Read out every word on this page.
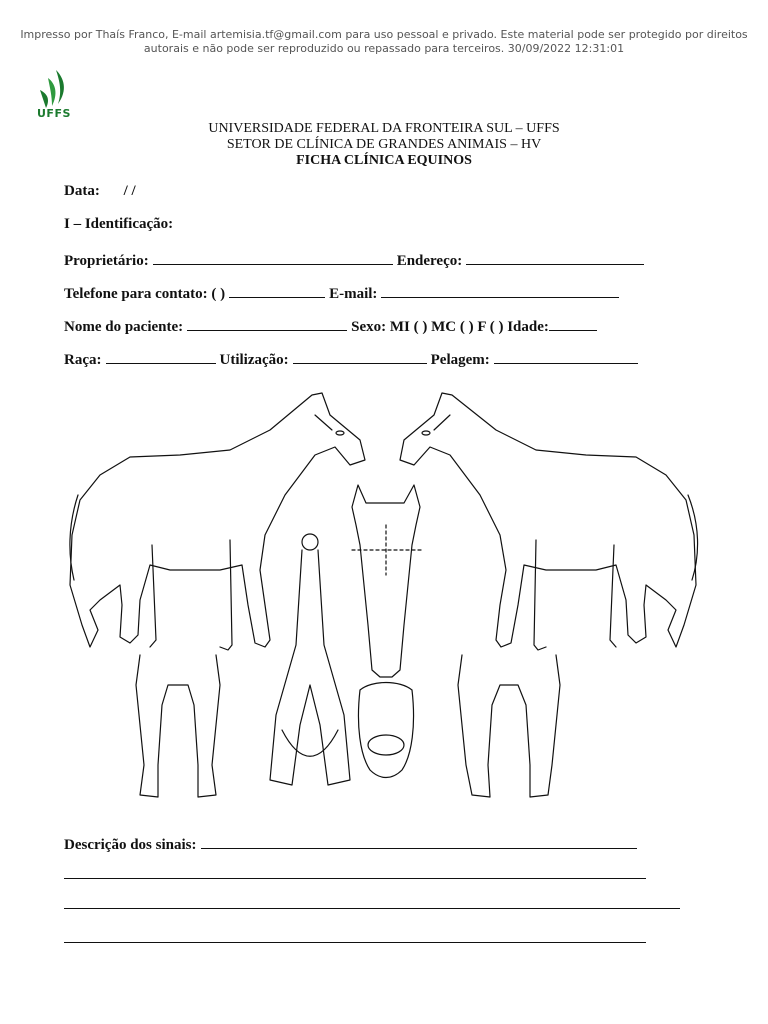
Impresso por Thaís Franco, E-mail artemisia.tf@gmail.com para uso pessoal e privado. Este material pode ser protegido por direitos
autorais e não pode ser reproduzido ou repassado para terceiros. 30/09/2022 12:31:01
UFFS
UNIVERSIDADE FEDERAL DA FRONTEIRA SUL – UFFS
SETOR DE CLÍNICA DE GRANDES ANIMAIS – HV
FICHA CLÍNICA EQUINOS
Data: / /
I – Identificação:
Proprietário:	Endereço:
Telefone para contato: ( )	E-mail:
Nome do paciente:	Sexo: MI ( ) MC ( ) F ( ) Idade:
Raça:	Utilização:	Pelagem:
Descrição dos sinais:
